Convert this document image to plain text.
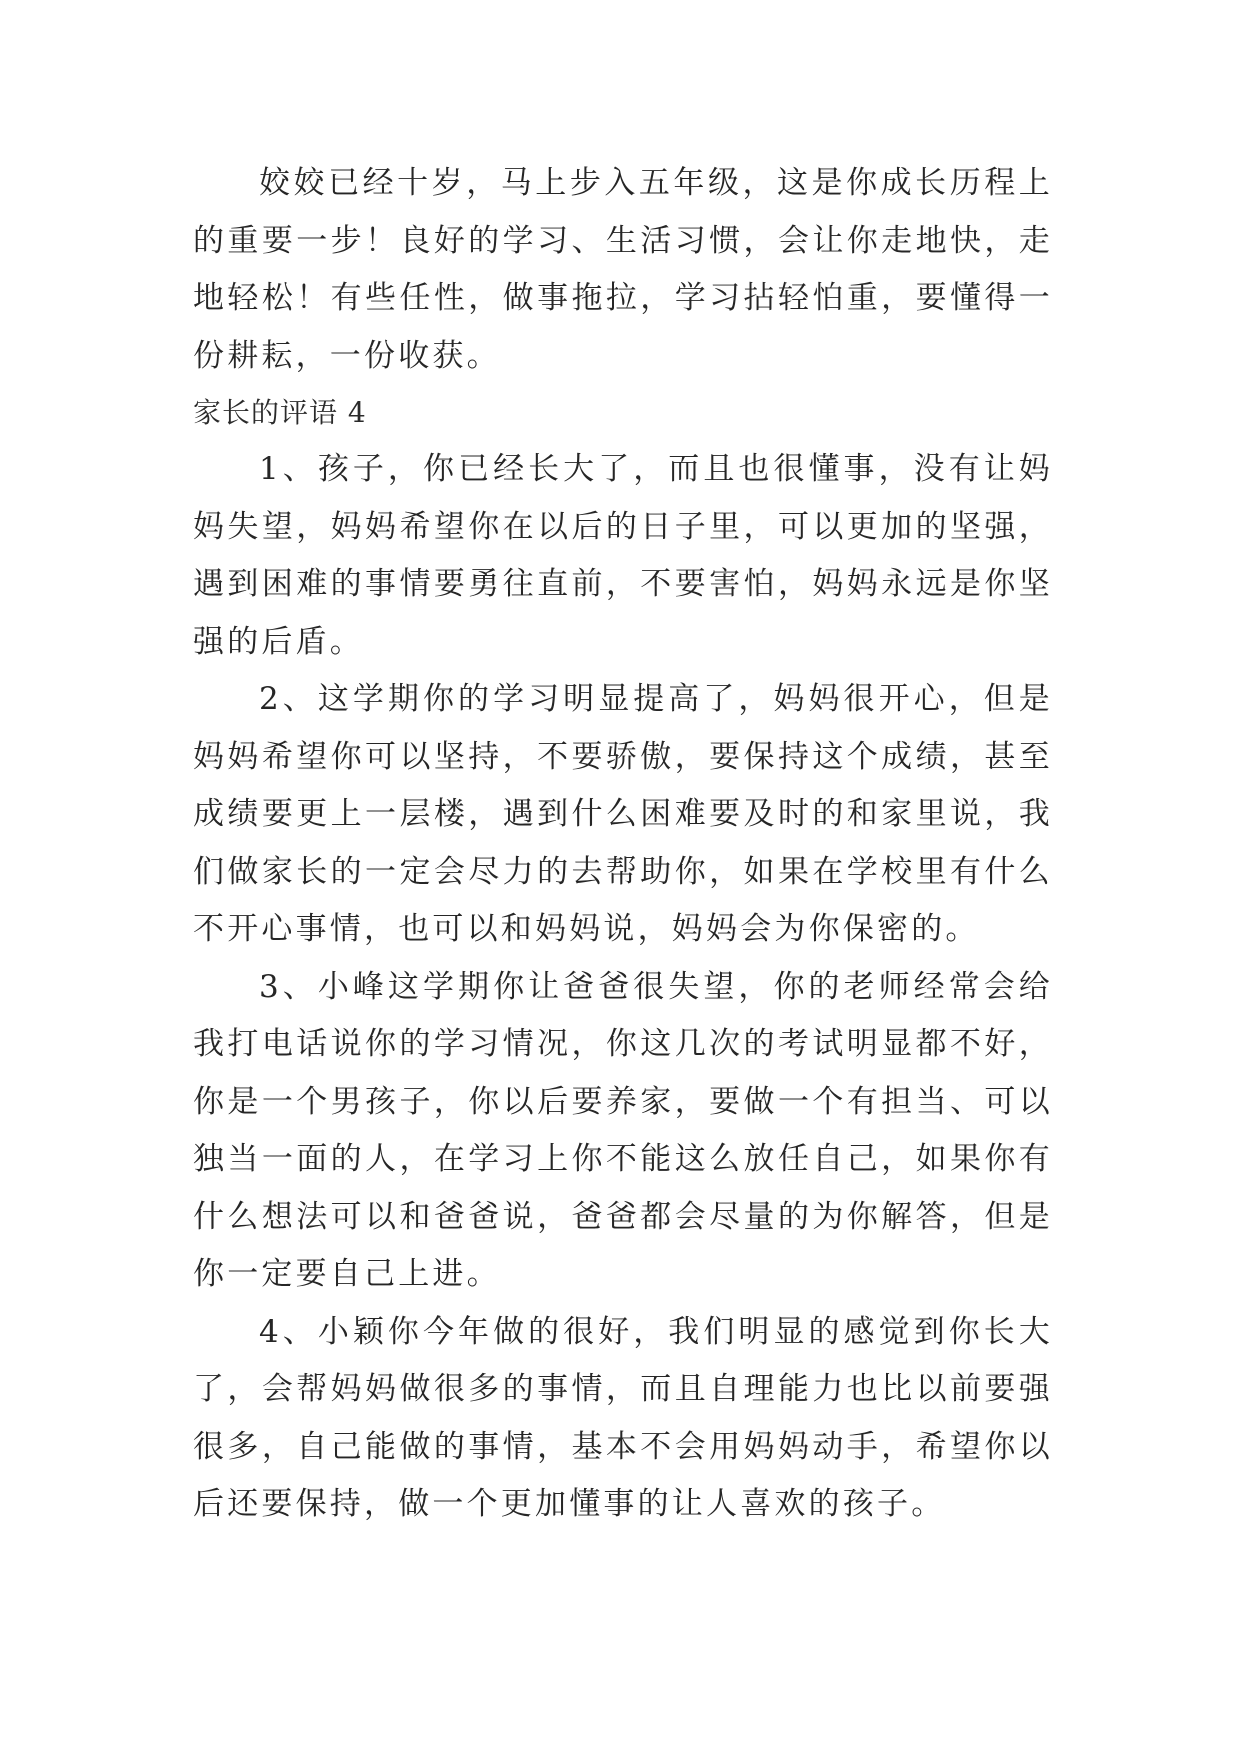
姣姣已经十岁，马上步入五年级，这是你成长历程上的重要一步！良好的学习、生活习惯，会让你走地快，走地轻松！有些任性，做事拖拉，学习拈轻怕重，要懂得一份耕耘，一份收获。

家长的评语 4

1、孩子，你已经长大了，而且也很懂事，没有让妈妈失望，妈妈希望你在以后的日子里，可以更加的坚强，遇到困难的事情要勇往直前，不要害怕，妈妈永远是你坚强的后盾。

2、这学期你的学习明显提高了，妈妈很开心，但是妈妈希望你可以坚持，不要骄傲，要保持这个成绩，甚至成绩要更上一层楼，遇到什么困难要及时的和家里说，我们做家长的一定会尽力的去帮助你，如果在学校里有什么不开心事情，也可以和妈妈说，妈妈会为你保密的。

3、小峰这学期你让爸爸很失望，你的老师经常会给我打电话说你的学习情况，你这几次的考试明显都不好，你是一个男孩子，你以后要养家，要做一个有担当、可以独当一面的人，在学习上你不能这么放任自己，如果你有什么想法可以和爸爸说，爸爸都会尽量的为你解答，但是你一定要自己上进。

4、小颖你今年做的很好，我们明显的感觉到你长大了，会帮妈妈做很多的事情，而且自理能力也比以前要强很多，自己能做的事情，基本不会用妈妈动手，希望你以后还要保持，做一个更加懂事的让人喜欢的孩子。
